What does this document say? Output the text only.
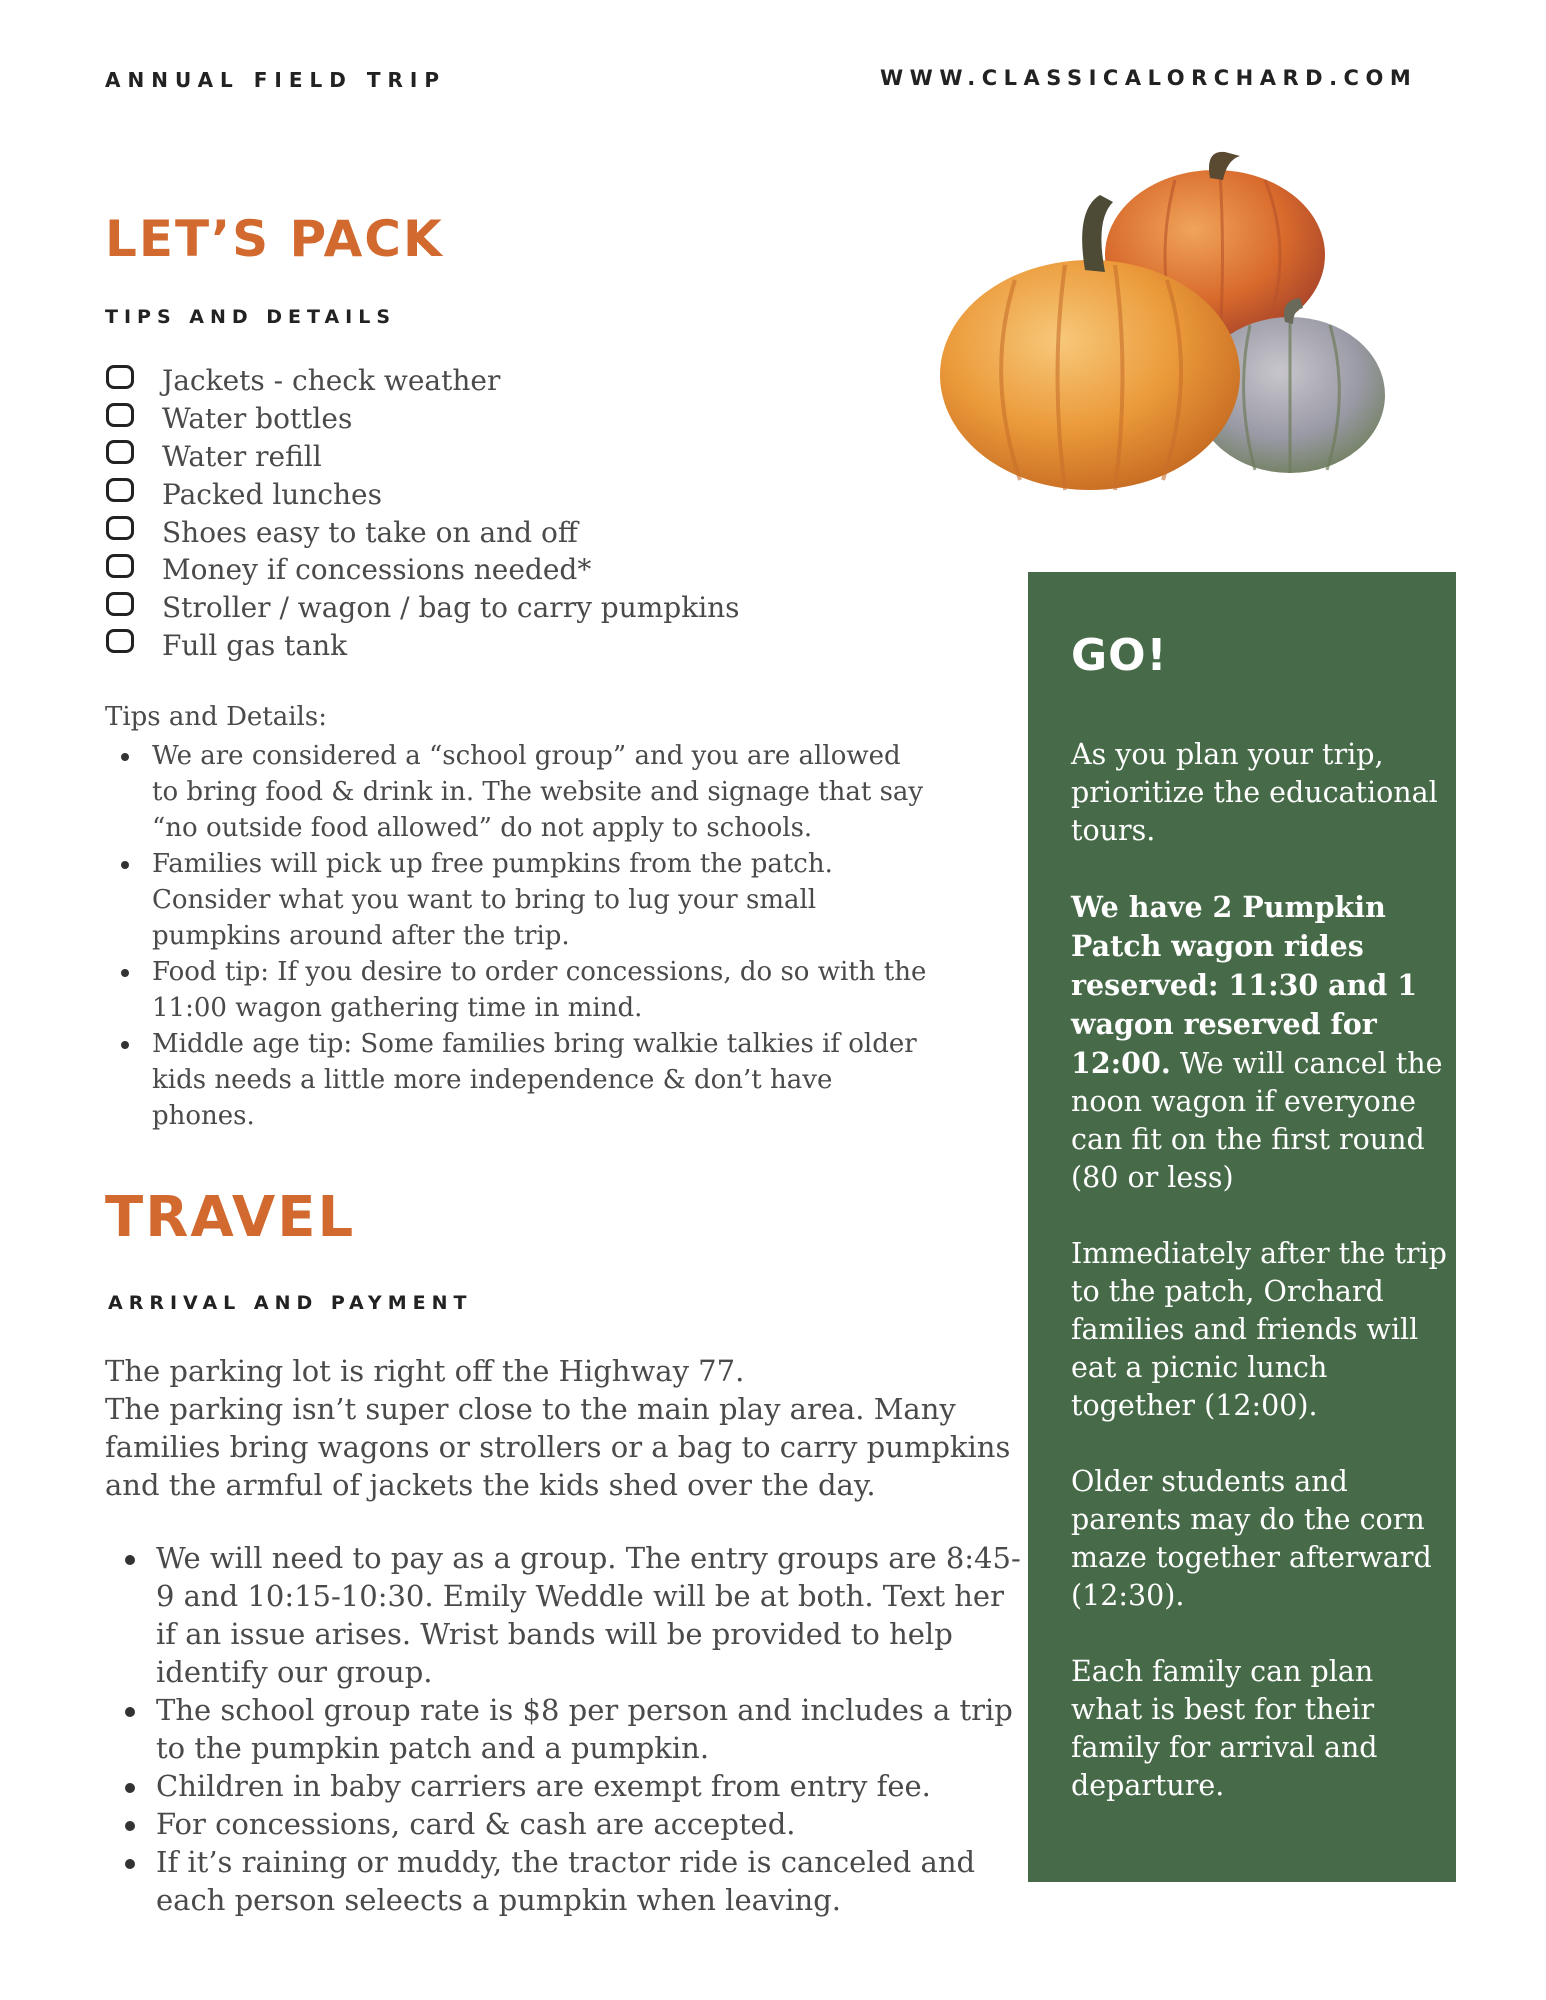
ANNUAL FIELD TRIP	WWW.CLASSICALORCHARD.COM
LET’S PACK
TIPS AND DETAILS
Jackets - check weather
Water bottles
Water refill
Packed lunches
Shoes easy to take on and off
Money if concessions needed*
Stroller / wagon / bag to carry pumpkins
Full gas tank
Tips and Details:
We are considered a “school group” and you are allowed to bring food & drink in. The website and signage that say “no outside food allowed” do not apply to schools.
Families will pick up free pumpkins from the patch. Consider what you want to bring to lug your small pumpkins around after the trip.
Food tip: If you desire to order concessions, do so with the 11:00 wagon gathering time in mind.
Middle age tip: Some families bring walkie talkies if older kids needs a little more independence & don’t have phones.
TRAVEL
ARRIVAL AND PAYMENT
The parking lot is right off the Highway 77.
The parking isn’t super close to the main play area. Many families bring wagons or strollers or a bag to carry pumpkins and the armful of jackets the kids shed over the day.
We will need to pay as a group. The entry groups are 8:45-9 and 10:15-10:30. Emily Weddle will be at both. Text her if an issue arises. Wrist bands will be provided to help identify our group.
The school group rate is $8 per person and includes a trip to the pumpkin patch and a pumpkin.
Children in baby carriers are exempt from entry fee.
For concessions, card & cash are accepted.
If it’s raining or muddy, the tractor ride is canceled and each person seleects a pumpkin when leaving.
GO!

As you plan your trip, prioritize the educational tours.

We have 2 Pumpkin Patch wagon rides reserved: 11:30 and 1 wagon reserved for 12:00. We will cancel the noon wagon if everyone can fit on the first round (80 or less)

Immediately after the trip to the patch, Orchard families and friends will eat a picnic lunch together (12:00).

Older students and parents may do the corn maze together afterward (12:30).

Each family can plan what is best for their family for arrival and departure.
